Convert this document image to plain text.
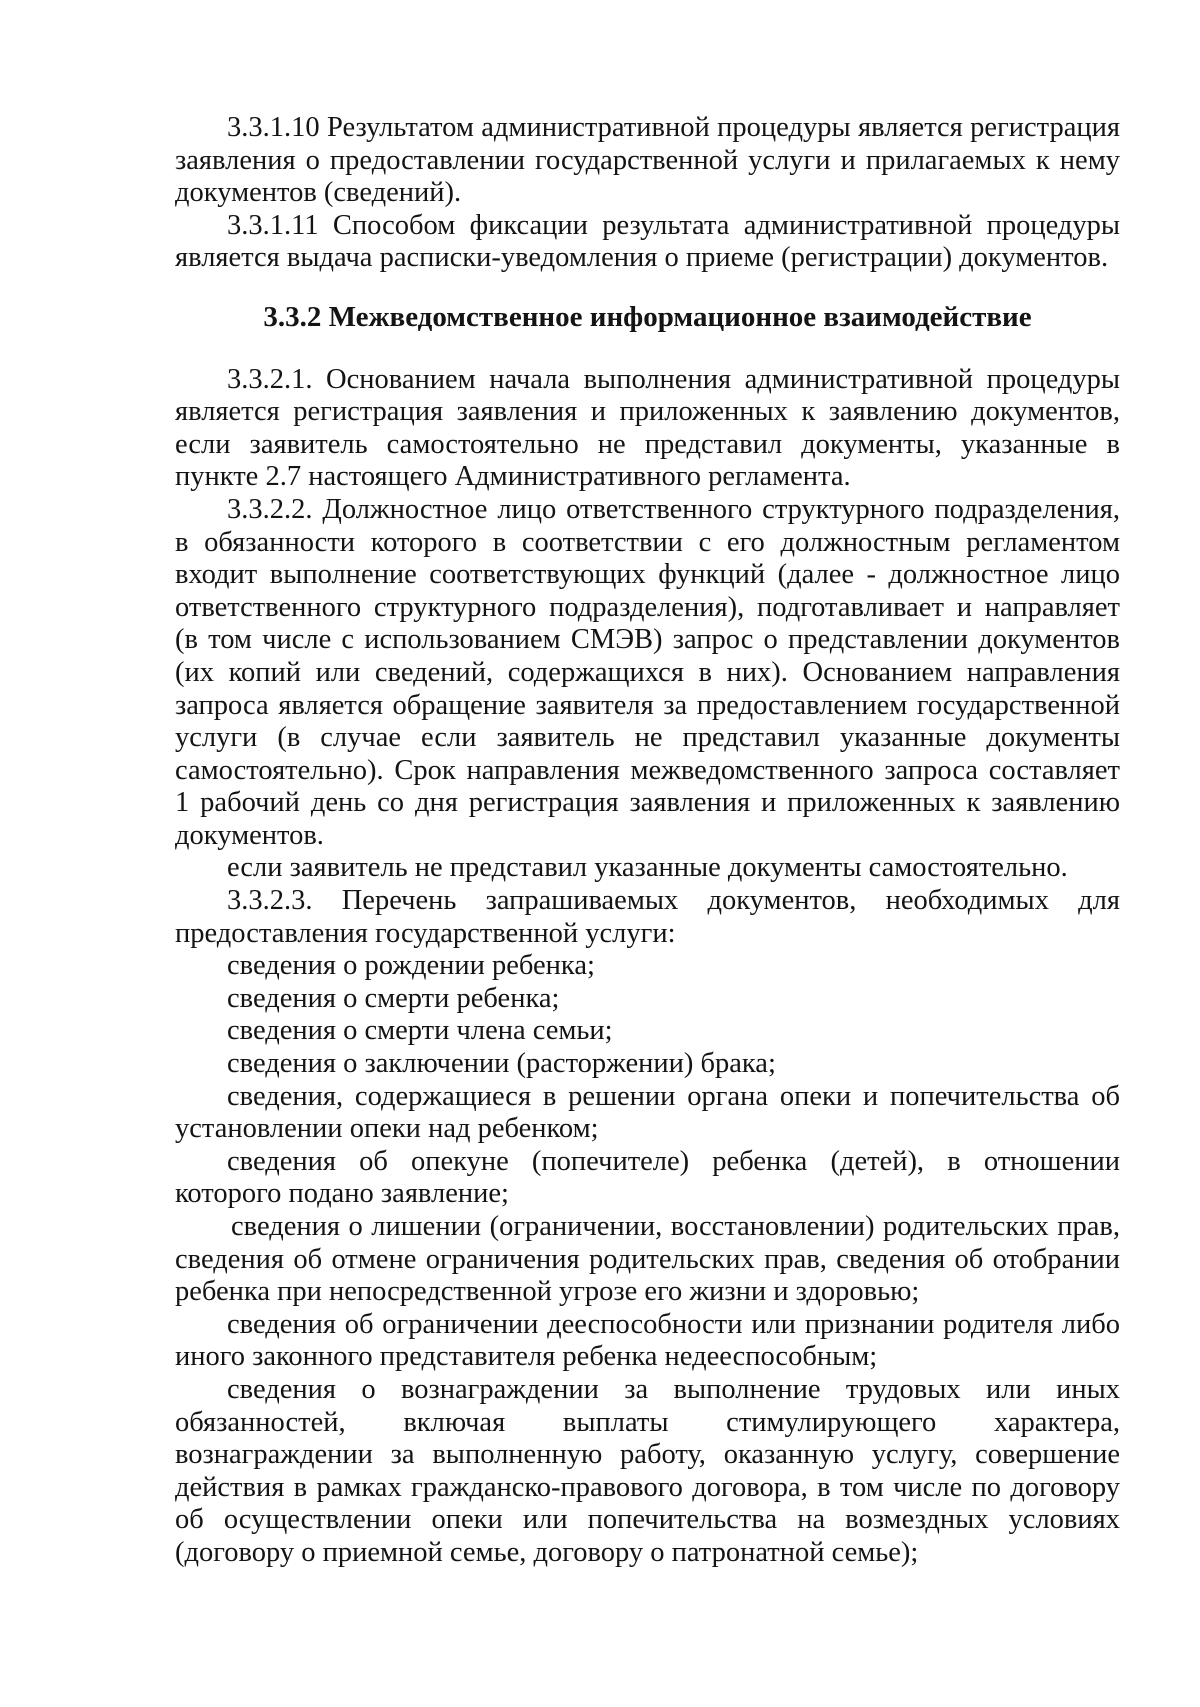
3.3.1.10 Результатом административной процедуры является регистрация заявления о предоставлении государственной услуги и прилагаемых к нему документов (сведений).

3.3.1.11 Способом фиксации результата административной процедуры является выдача расписки-уведомления о приеме (регистрации) документов.

3.3.2 Межведомственное информационное взаимодействие

3.3.2.1. Основанием начала выполнения административной процедуры является регистрация заявления и приложенных к заявлению документов, если заявитель самостоятельно не представил документы, указанные в пункте 2.7 настоящего Административного регламента.

3.3.2.2. Должностное лицо ответственного структурного подразделения, в обязанности которого в соответствии с его должностным регламентом входит выполнение соответствующих функций (далее - должностное лицо ответственного структурного подразделения), подготавливает и направляет (в том числе с использованием СМЭВ) запрос о представлении документов (их копий или сведений, содержащихся в них). Основанием направления запроса является обращение заявителя за предоставлением государственной услуги (в случае если заявитель не представил указанные документы самостоятельно). Срок направления межведомственного запроса составляет 1 рабочий день со дня регистрация заявления и приложенных к заявлению документов.

если заявитель не представил указанные документы самостоятельно.

3.3.2.3. Перечень запрашиваемых документов, необходимых для предоставления государственной услуги:

сведения о рождении ребенка;

сведения о смерти ребенка;

сведения о смерти члена семьи;

сведения о заключении (расторжении) брака;

сведения, содержащиеся в решении органа опеки и попечительства об установлении опеки над ребенком;

сведения об опекуне (попечителе) ребенка (детей), в отношении которого подано заявление;

сведения о лишении (ограничении, восстановлении) родительских прав, сведения об отмене ограничения родительских прав, сведения об отобрании ребенка при непосредственной угрозе его жизни и здоровью;

сведения об ограничении дееспособности или признании родителя либо иного законного представителя ребенка недееспособным;

сведения о вознаграждении за выполнение трудовых или иных обязанностей, включая выплаты стимулирующего характера, вознаграждении за выполненную работу, оказанную услугу, совершение действия в рамках гражданско-правового договора, в том числе по договору об осуществлении опеки или попечительства на возмездных условиях (договору о приемной семье, договору о патронатной семье);
